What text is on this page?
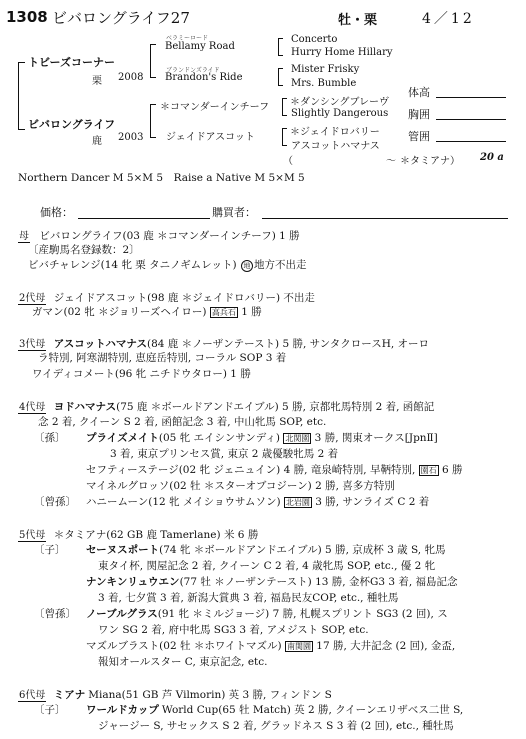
1308 ビバロングライフ27	牡・栗	4／12
トビーズコーナー
栗 2008
ベラミーロード
Bellamy Road
ブランドンズライド
Brandon's Ride
Concerto
Hurry Home Hillary
Mister Frisky
Mrs. Bumble
ビバロングライフ
鹿 2003
＊コマンダーインチーフ
ジェイドアスコット
＊ダンシングブレーヴ
Slightly Dangerous
＊ジェイドロバリー
アスコットハマナス
（	～ ＊タミアナ） 20 a
体高
胸囲
管囲
Northern Dancer M 5×M 5　Raise a Native M 5×M 5
価格：	購買者：
母 ビバロングライフ(03 鹿 ＊コマンダーインチーフ) 1 勝
〔産駒馬名登録数：2〕
ビバチャレンジ(14 牝 栗 タニノギムレット) 地 地方不出走
2代母 ジェイドアスコット(98 鹿 ＊ジェイドロバリー) 不出走
ガマン(02 牝 ＊ジョリーズヘイロー) 高兵石 1 勝
3代母 アスコットハマナス(84 鹿 ＊ノーザンテースト) 5 勝, サンタクロースH, オーロ
ラ特別, 阿寒湖特別, 恵庭岳特別, コーラル SOP 3 着
ワイディコメート(96 牝 ニチドウタロー) 1 勝
4代母 ヨドハマナス(75 鹿 ＊ボールドアンドエイブル) 5 勝, 京都牝馬特別 2 着, 函館記
念 2 着, クイーン S 2 着, 函館記念 3 着, 中山牝馬 SOP, etc.
〔孫〕 プライズメイト(05 牝 エイシンサンディ) 北関園 3 勝, 関東オークス[JpnⅡ]
3 着, 東京プリンセス賞, 東京 2 歳優駿牝馬 2 着
セフティーステージ(02 牝 ジェニュイン) 4 勝, 竜泉崎特別, 早鞆特別, 園石 6 勝
マイネルグロッソ(02 牡 ＊スターオブコジーン) 2 勝, 喜多方特別
〔曾孫〕 ハニームーン(12 牝 メイショウサムソン) 北岩園 3 勝, サンライズ C 2 着
5代母 ＊タミアナ(62 GB 鹿 Tamerlane) 米 6 勝
〔子〕 セーヌスポート(74 牝 ＊ボールドアンドエイブル) 5 勝, 京成杯 3 歳 S, 牝馬
東タイ杯, 関屋記念 2 着, クイーン C 2 着, 4 歳牝馬 SOP, etc., 優 2 牝
ナンキンリュウエン(77 牡 ＊ノーザンテースト) 13 勝, 金杯G3 3 着, 福島記念
3 着, 七夕賞 3 着, 新潟大賞典 3 着, 福島民友COP, etc., 種牡馬
〔曾孫〕 ノーブルグラス(91 牝 ＊ミルジョージ) 7 勝, 札幌スプリント SG3 (2 回), ス
ワン SG 2 着, 府中牝馬 SG3 3 着, アメジスト SOP, etc.
マズルブラスト(02 牡 ＊ホワイトマズル) 南関園 17 勝, 大井記念 (2 回), 金盃,
報知オールスター C, 東京記念, etc.
6代母 ミアナ Miana(51 GB 芦 Vilmorin) 英 3 勝, フィンドン S
〔子〕 ワールドカップ World Cup(65 牡 Match) 英 2 勝, クイーンエリザベス二世 S,
ジャージー S, サセックス S 2 着, グラッドネス S 3 着 (2 回), etc., 種牡馬
